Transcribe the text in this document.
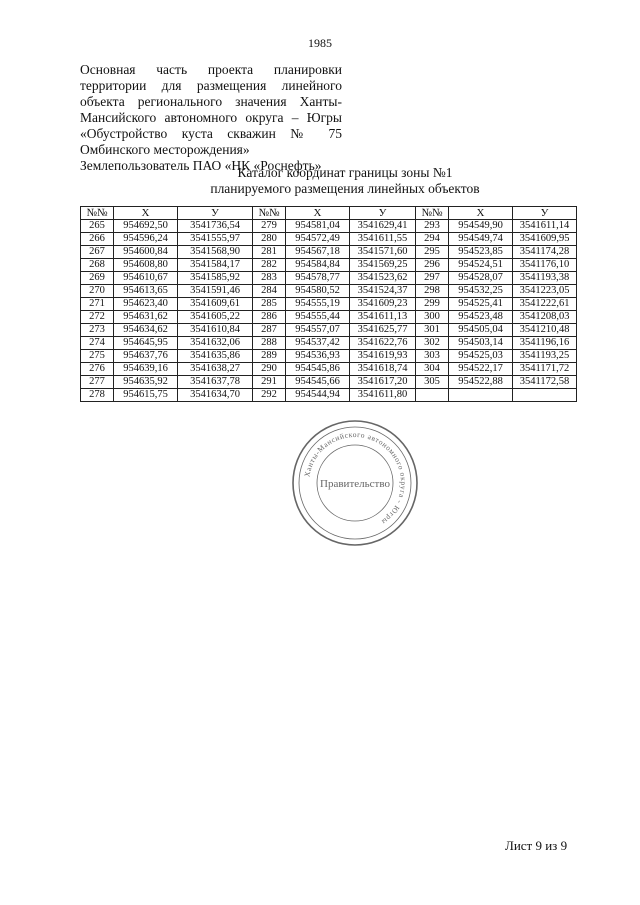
1985
Основная часть проекта планировки
территории для размещения линейного
объекта регионального значения Ханты-
Мансийского автономного округа – Югры
«Обустройство куста скважин № 75
Омбинского месторождения»
Землепользователь ПАО «НК «Роснефть»
Каталог координат границы зоны №1
планируемого размещения линейных объектов
№№	X	У	№№	X	У	№№	X	У
265	954692,50	3541736,54	279	954581,04	3541629,41	293	954549,90	3541611,14
266	954596,24	3541555,97	280	954572,49	3541611,55	294	954549,74	3541609,95
267	954600,84	3541568,90	281	954567,18	3541571,60	295	954523,85	3541174,28
268	954608,80	3541584,17	282	954584,84	3541569,25	296	954524,51	3541176,10
269	954610,67	3541585,92	283	954578,77	3541523,62	297	954528,07	3541193,38
270	954613,65	3541591,46	284	954580,52	3541524,37	298	954532,25	3541223,05
271	954623,40	3541609,61	285	954555,19	3541609,23	299	954525,41	3541222,61
272	954631,62	3541605,22	286	954555,44	3541611,13	300	954523,48	3541208,03
273	954634,62	3541610,84	287	954557,07	3541625,77	301	954505,04	3541210,48
274	954645,95	3541632,06	288	954537,42	3541622,76	302	954503,14	3541196,16
275	954637,76	3541635,86	289	954536,93	3541619,93	303	954525,03	3541193,25
276	954639,16	3541638,27	290	954545,86	3541618,74	304	954522,17	3541171,72
277	954635,92	3541637,78	291	954545,66	3541617,20	305	954522,88	3541172,58
278	954615,75	3541634,70	292	954544,94	3541611,80			
Ханты-Мансийского автономного округа - Югры
Правительство
Лист 9 из 9
